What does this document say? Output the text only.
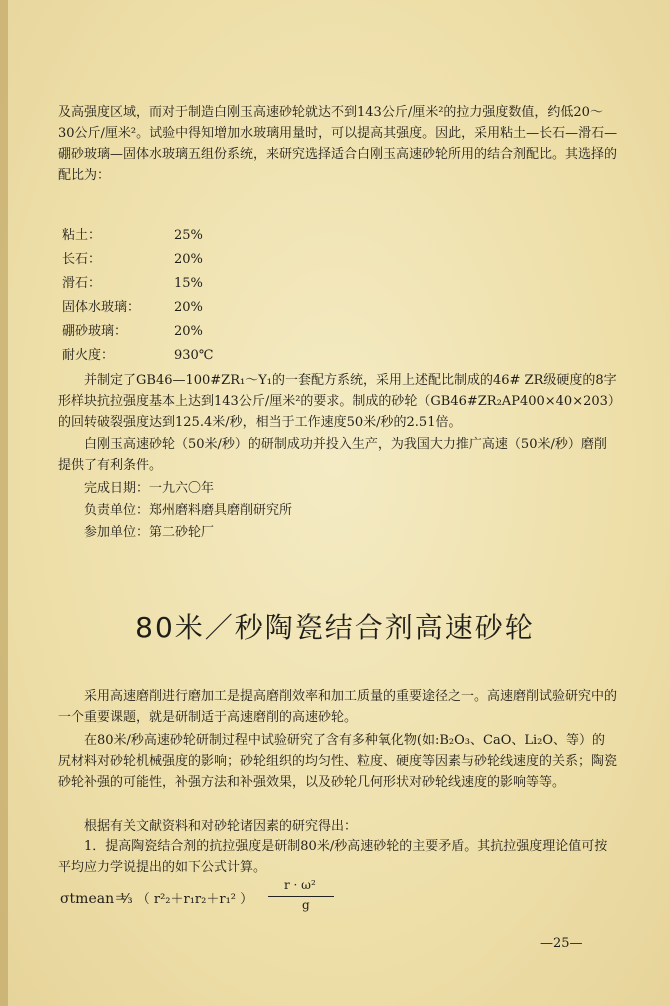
及高强度区域，而对于制造白刚玉高速砂轮就达不到143公斤/厘米²的拉力强度数值，约低20～30公斤/厘米²。试验中得知增加水玻璃用量时，可以提高其强度。因此，采用粘土—长石—滑石—硼砂玻璃—固体水玻璃五组份系统，来研究选择适合白刚玉高速砂轮所用的结合剂配比。其选择的配比为：

粘土：	25%
长石：	20%
滑石：	15%
固体水玻璃：	20%
硼砂玻璃：	20%
耐火度：	930℃

并制定了GB46—100#ZR₁～Y₁的一套配方系统，采用上述配比制成的46# ZR级硬度的8字形样块抗拉强度基本上达到143公斤/厘米²的要求。制成的砂轮（GB46#ZR₂AP400×40×203）的回转破裂强度达到125.4米/秒，相当于工作速度50米/秒的2.51倍。

白刚玉高速砂轮（50米/秒）的研制成功并投入生产，为我国大力推广高速（50米/秒）磨削提供了有利条件。

完成日期：一九六〇年

负责单位：郑州磨料磨具磨削研究所

参加单位：第二砂轮厂

80米／秒陶瓷结合剂高速砂轮

采用高速磨削进行磨加工是提高磨削效率和加工质量的重要途径之一。高速磨削试验研究中的一个重要课题，就是研制适于高速磨削的高速砂轮。

在80米/秒高速砂轮研制过程中试验研究了含有多种氧化物(如:B₂O₃、CaO、Li₂O、等）的尻材料对砂轮机械强度的影响；砂轮组织的均匀性、粒度、硬度等因素与砂轮线速度的关系；陶瓷砂轮补强的可能性，补强方法和补强效果，以及砂轮几何形状对砂轮线速度的影响等等。

根据有关文献资料和对砂轮诸因素的研究得出：

1．提高陶瓷结合剂的抗拉强度是研制80米/秒高速砂轮的主要矛盾。其抗拉强度理论值可按平均应力学说提出的如下公式计算。

σtmean＝
⅓ （ r²₂＋r₁r₂＋r₁² ）
r · ω²
g
—25—
